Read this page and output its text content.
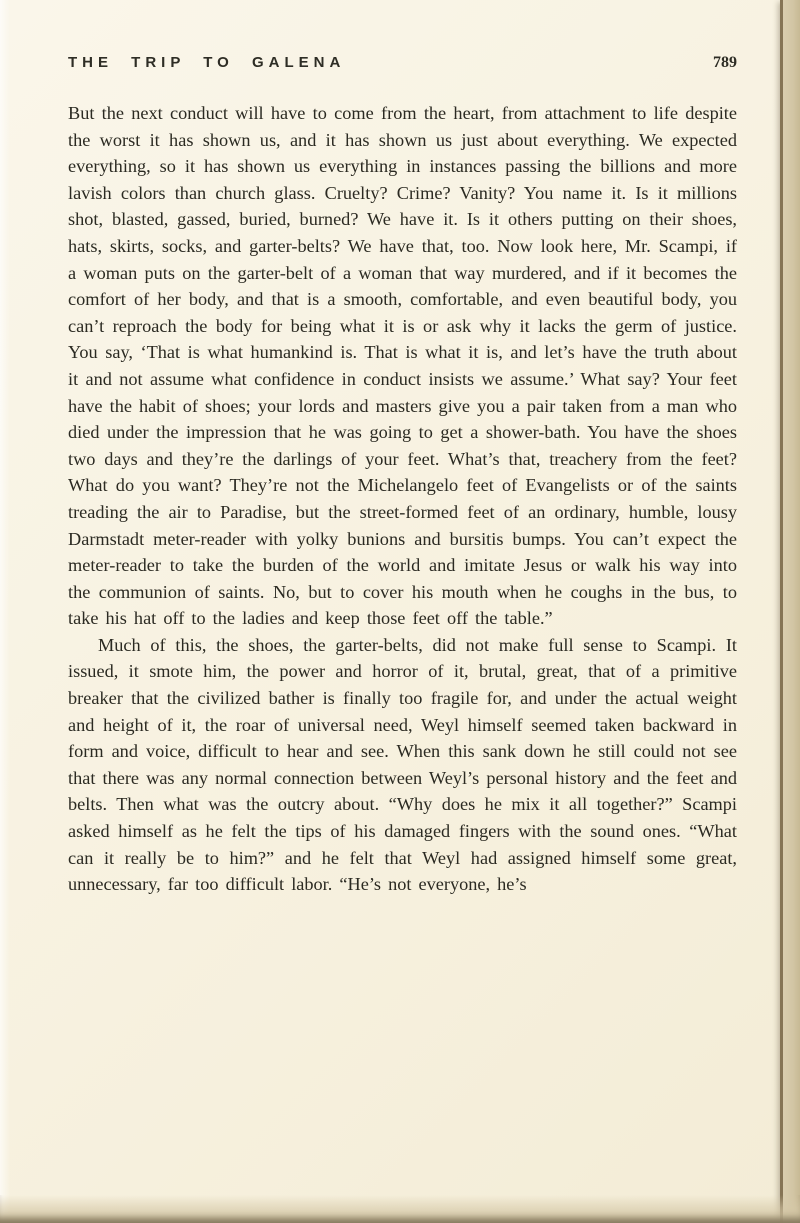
THE TRIP TO GALENA	789

But the next conduct will have to come from the heart, from attachment to life despite the worst it has shown us, and it has shown us just about everything. We expected everything, so it has shown us everything in instances passing the billions and more lavish colors than church glass. Cruelty? Crime? Vanity? You name it. Is it millions shot, blasted, gassed, buried, burned? We have it. Is it others putting on their shoes, hats, skirts, socks, and garter-belts? We have that, too. Now look here, Mr. Scampi, if a woman puts on the garter-belt of a woman that way murdered, and if it becomes the comfort of her body, and that is a smooth, comfortable, and even beautiful body, you can’t reproach the body for being what it is or ask why it lacks the germ of justice. You say, ‘That is what humankind is. That is what it is, and let’s have the truth about it and not assume what confidence in conduct insists we assume.’ What say? Your feet have the habit of shoes; your lords and masters give you a pair taken from a man who died under the impression that he was going to get a shower-bath. You have the shoes two days and they’re the darlings of your feet. What’s that, treachery from the feet? What do you want? They’re not the Michelangelo feet of Evangelists or of the saints treading the air to Paradise, but the street-formed feet of an ordinary, humble, lousy Darmstadt meter-reader with yolky bunions and bursitis bumps. You can’t expect the meter-reader to take the burden of the world and imitate Jesus or walk his way into the communion of saints. No, but to cover his mouth when he coughs in the bus, to take his hat off to the ladies and keep those feet off the table.”

Much of this, the shoes, the garter-belts, did not make full sense to Scampi. It issued, it smote him, the power and horror of it, brutal, great, that of a primitive breaker that the civilized bather is finally too fragile for, and under the actual weight and height of it, the roar of universal need, Weyl himself seemed taken backward in form and voice, difficult to hear and see. When this sank down he still could not see that there was any normal connection between Weyl’s personal history and the feet and belts. Then what was the outcry about. “Why does he mix it all together?” Scampi asked himself as he felt the tips of his damaged fingers with the sound ones. “What can it really be to him?” and he felt that Weyl had assigned himself some great, unnecessary, far too difficult labor. “He’s not everyone, he’s
